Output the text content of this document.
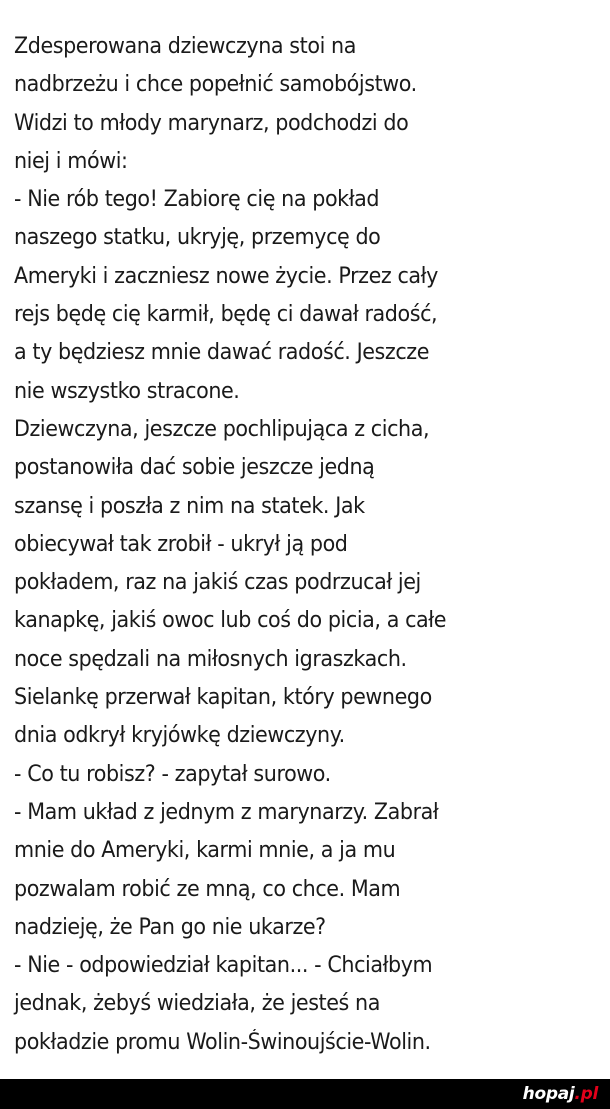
Zdesperowana dziewczyna stoi na
nadbrzeżu i chce popełnić samobójstwo.
Widzi to młody marynarz, podchodzi do
niej i mówi:
- Nie rób tego! Zabiorę cię na pokład
naszego statku, ukryję, przemycę do
Ameryki i zaczniesz nowe życie. Przez cały
rejs będę cię karmił, będę ci dawał radość,
a ty będziesz mnie dawać radość. Jeszcze
nie wszystko stracone.
Dziewczyna, jeszcze pochlipująca z cicha,
postanowiła dać sobie jeszcze jedną
szansę i poszła z nim na statek. Jak
obiecywał tak zrobił - ukrył ją pod
pokładem, raz na jakiś czas podrzucał jej
kanapkę, jakiś owoc lub coś do picia, a całe
noce spędzali na miłosnych igraszkach.
Sielankę przerwał kapitan, który pewnego
dnia odkrył kryjówkę dziewczyny.
- Co tu robisz? - zapytał surowo.
- Mam układ z jednym z marynarzy. Zabrał
mnie do Ameryki, karmi mnie, a ja mu
pozwalam robić ze mną, co chce. Mam
nadzieję, że Pan go nie ukarze?
- Nie - odpowiedział kapitan... - Chciałbym
jednak, żebyś wiedziała, że jesteś na
pokładzie promu Wolin-Świnoujście-Wolin.
hopaj.pl
